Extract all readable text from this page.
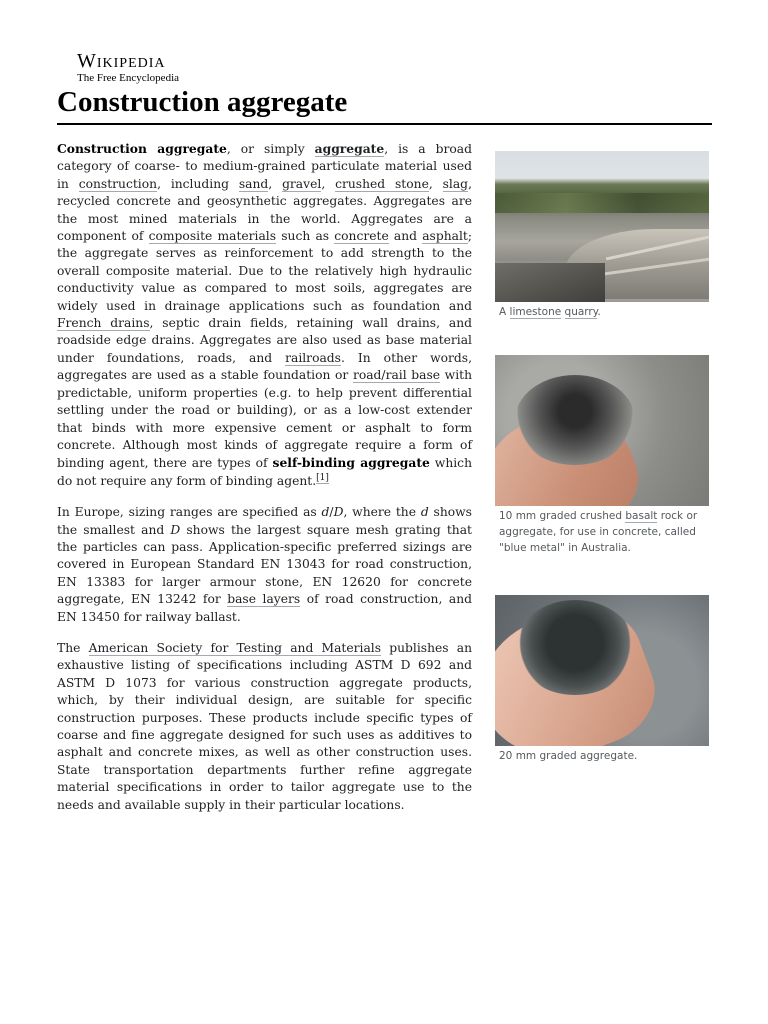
Wikipedia
The Free Encyclopedia
Construction aggregate

Construction aggregate, or simply aggregate, is a broad category of coarse- to medium-grained particulate material used in construction, including sand, gravel, crushed stone, slag, recycled concrete and geosynthetic aggregates. Aggregates are the most mined materials in the world. Aggregates are a component of composite materials such as concrete and asphalt; the aggregate serves as reinforcement to add strength to the overall composite material. Due to the relatively high hydraulic conductivity value as compared to most soils, aggregates are widely used in drainage applications such as foundation and French drains, septic drain fields, retaining wall drains, and roadside edge drains. Aggregates are also used as base material under foundations, roads, and railroads. In other words, aggregates are used as a stable foundation or road/rail base with predictable, uniform properties (e.g. to help prevent differential settling under the road or building), or as a low-cost extender that binds with more expensive cement or asphalt to form concrete. Although most kinds of aggregate require a form of binding agent, there are types of self-binding aggregate which do not require any form of binding agent.[1]

In Europe, sizing ranges are specified as d/D, where the d shows the smallest and D shows the largest square mesh grating that the particles can pass. Application-specific preferred sizings are covered in European Standard EN 13043 for road construction, EN 13383 for larger armour stone, EN 12620 for concrete aggregate, EN 13242 for base layers of road construction, and EN 13450 for railway ballast.

The American Society for Testing and Materials publishes an exhaustive listing of specifications including ASTM D 692 and ASTM D 1073 for various construction aggregate products, which, by their individual design, are suitable for specific construction purposes. These products include specific types of coarse and fine aggregate designed for such uses as additives to asphalt and concrete mixes, as well as other construction uses. State transportation departments further refine aggregate material specifications in order to tailor aggregate use to the needs and available supply in their particular locations.

A limestone quarry.
10 mm graded crushed basalt rock or aggregate, for use in concrete, called "blue metal" in Australia.
20 mm graded aggregate.
